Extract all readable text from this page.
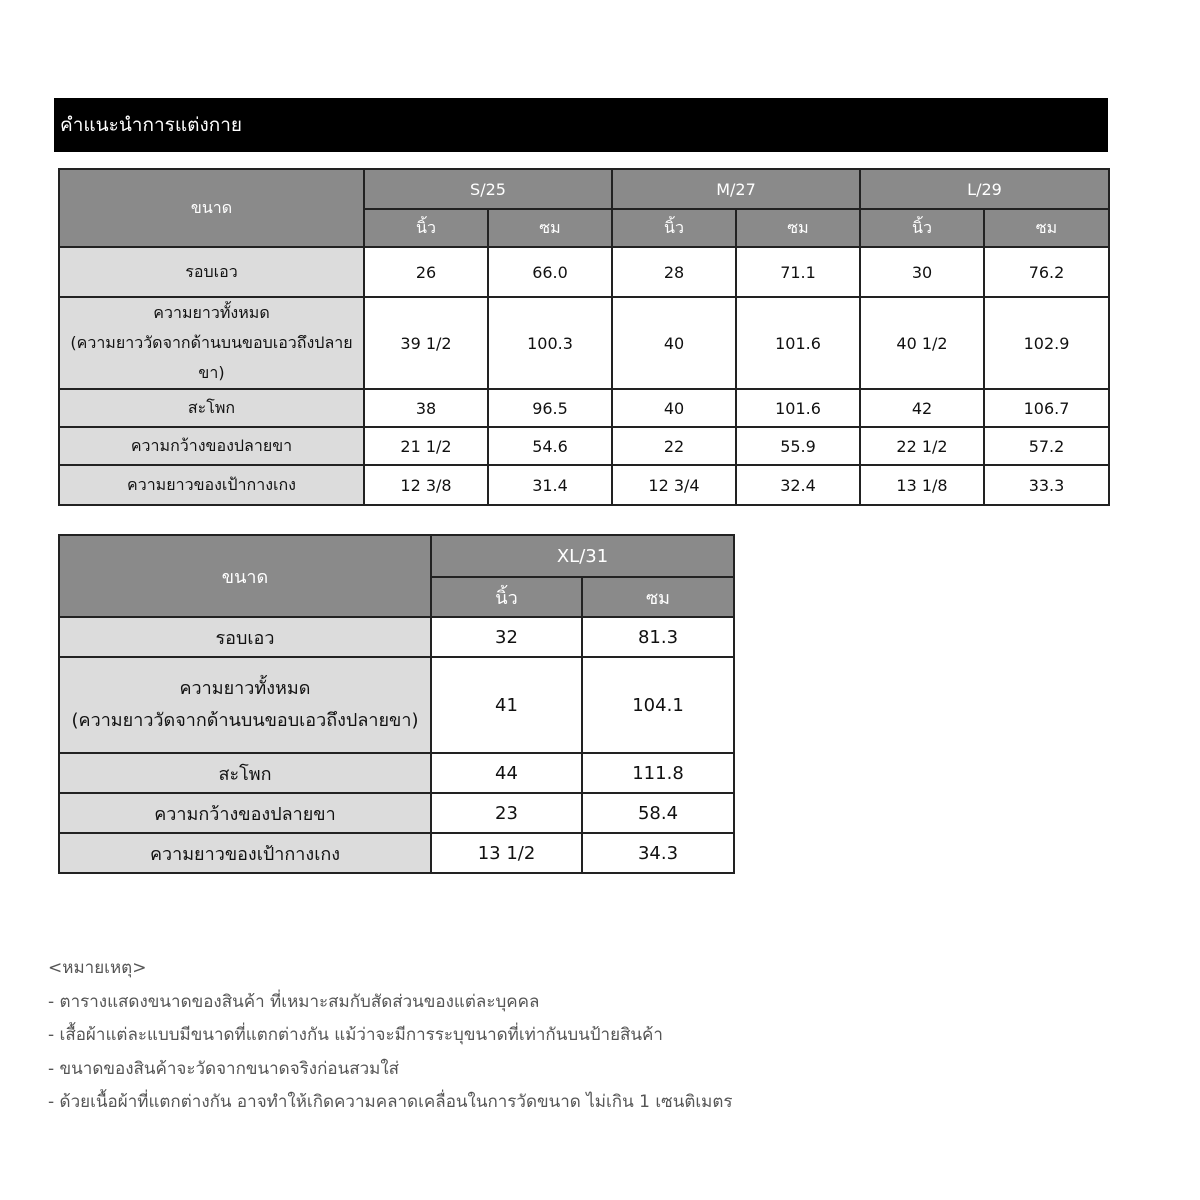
คำแนะนำการแต่งกาย
ขนาด	S/25		M/27		L/29	
	นิ้ว	ซม	นิ้ว	ซม	นิ้ว	ซม
รอบเอว	26	66.0	28	71.1	30	76.2

ความยาวทั้งหมด
(ความยาววัดจากด้านบนขอบเอวถึงปลาย
ขา)	39 1/2	100.3	40	101.6	40 1/2	102.9
สะโพก	38	96.5	40	101.6	42	106.7
ความกว้างของปลายขา	21 1/2	54.6	22	55.9	22 1/2	57.2
ความยาวของเป้ากางเกง	12 3/8	31.4	12 3/4	32.4	13 1/8	33.3
ขนาด	XL/31	
	นิ้ว	ซม
รอบเอว	32	81.3

ความยาวทั้งหมด
(ความยาววัดจากด้านบนขอบเอวถึงปลายขา)	41	104.1
สะโพก	44	111.8
ความกว้างของปลายขา	23	58.4
ความยาวของเป้ากางเกง	13 1/2	34.3
<หมายเหตุ>
- ตารางแสดงขนาดของสินค้า ที่เหมาะสมกับสัดส่วนของแต่ละบุคคล
- เสื้อผ้าแต่ละแบบมีขนาดที่แตกต่างกัน แม้ว่าจะมีการระบุขนาดที่เท่ากันบนป้ายสินค้า
- ขนาดของสินค้าจะวัดจากขนาดจริงก่อนสวมใส่
- ด้วยเนื้อผ้าที่แตกต่างกัน อาจทำให้เกิดความคลาดเคลื่อนในการวัดขนาด ไม่เกิน 1 เซนติเมตร
